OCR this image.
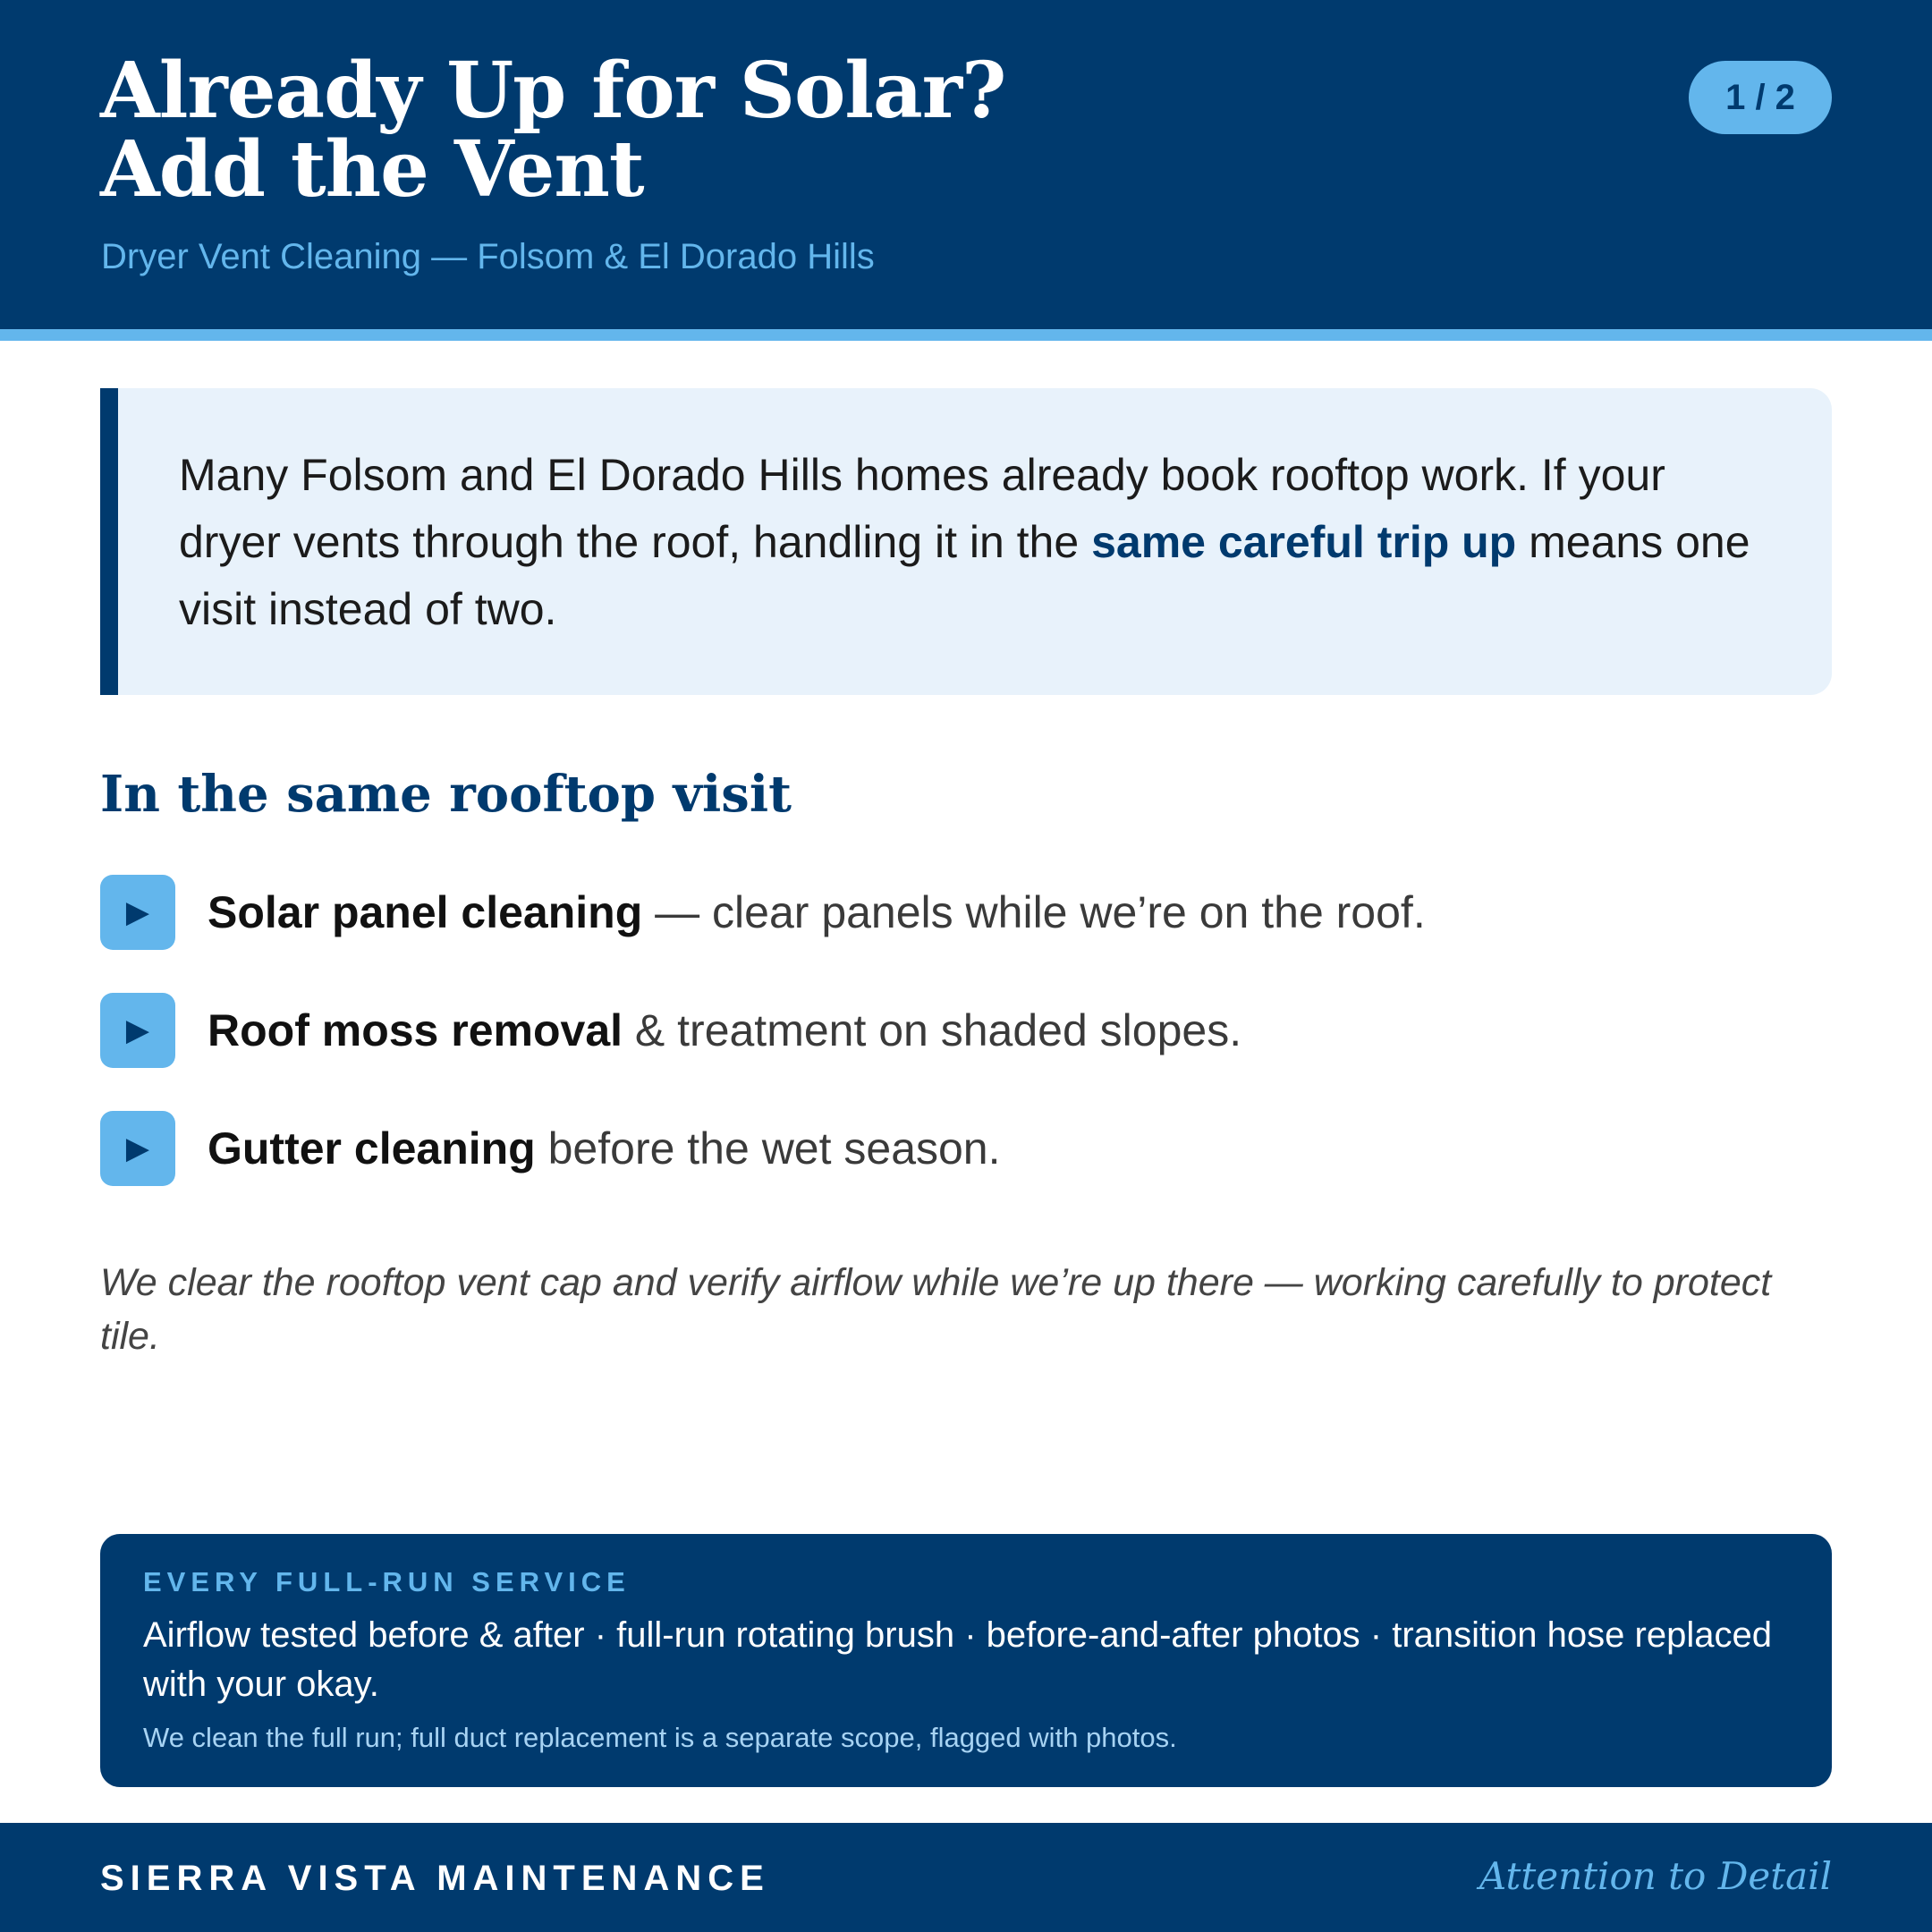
Already Up for Solar?
Add the Vent
Dryer Vent Cleaning — Folsom & El Dorado Hills
1 / 2
Many Folsom and El Dorado Hills homes already book rooftop work. If your dryer vents through the roof, handling it in the same careful trip up means one visit instead of two.
In the same rooftop visit
▶	Solar panel cleaning — clear panels while we’re on the roof.
▶	Roof moss removal & treatment on shaded slopes.
▶	Gutter cleaning before the wet season.

We clear the rooftop vent cap and verify airflow while we’re up there — working carefully to protect tile.

EVERY FULL-RUN SERVICE
Airflow tested before & after · full-run rotating brush · before-and-after photos · transition hose replaced with your okay.
We clean the full run; full duct replacement is a separate scope, flagged with photos.
SIERRA VISTA MAINTENANCE	Attention to Detail
